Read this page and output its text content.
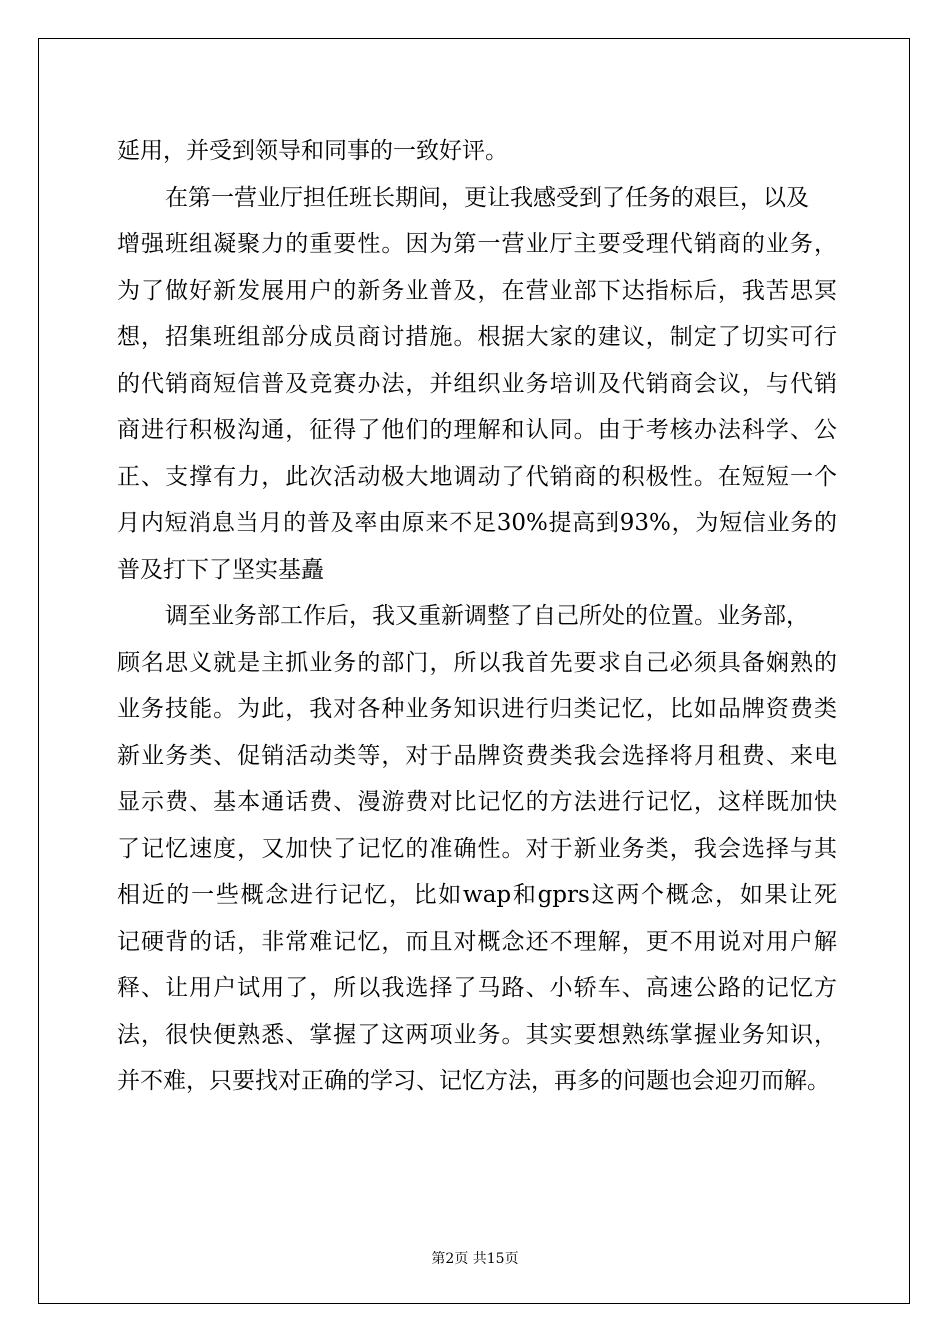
延用，并受到领导和同事的一致好评。
在第一营业厅担任班长期间，更让我感受到了任务的艰巨，以及
增强班组凝聚力的重要性。因为第一营业厅主要受理代销商的业务，
为了做好新发展用户的新务业普及，在营业部下达指标后，我苦思冥
想，招集班组部分成员商讨措施。根据大家的建议，制定了切实可行
的代销商短信普及竞赛办法，并组织业务培训及代销商会议，与代销
商进行积极沟通，征得了他们的理解和认同。由于考核办法科学、公
正、支撑有力，此次活动极大地调动了代销商的积极性。在短短一个
月内短消息当月的普及率由原来不足30%提高到93%，为短信业务的
普及打下了坚实基矗
调至业务部工作后，我又重新调整了自己所处的位置。业务部，
顾名思义就是主抓业务的部门，所以我首先要求自己必须具备娴熟的
业务技能。为此，我对各种业务知识进行归类记忆，比如品牌资费类
新业务类、促销活动类等，对于品牌资费类我会选择将月租费、来电
显示费、基本通话费、漫游费对比记忆的方法进行记忆，这样既加快
了记忆速度，又加快了记忆的准确性。对于新业务类，我会选择与其
相近的一些概念进行记忆，比如wap和gprs这两个概念，如果让死
记硬背的话，非常难记忆，而且对概念还不理解，更不用说对用户解
释、让用户试用了，所以我选择了马路、小轿车、高速公路的记忆方
法，很快便熟悉、掌握了这两项业务。其实要想熟练掌握业务知识，
并不难，只要找对正确的学习、记忆方法，再多的问题也会迎刃而解。
第2页 共15页
